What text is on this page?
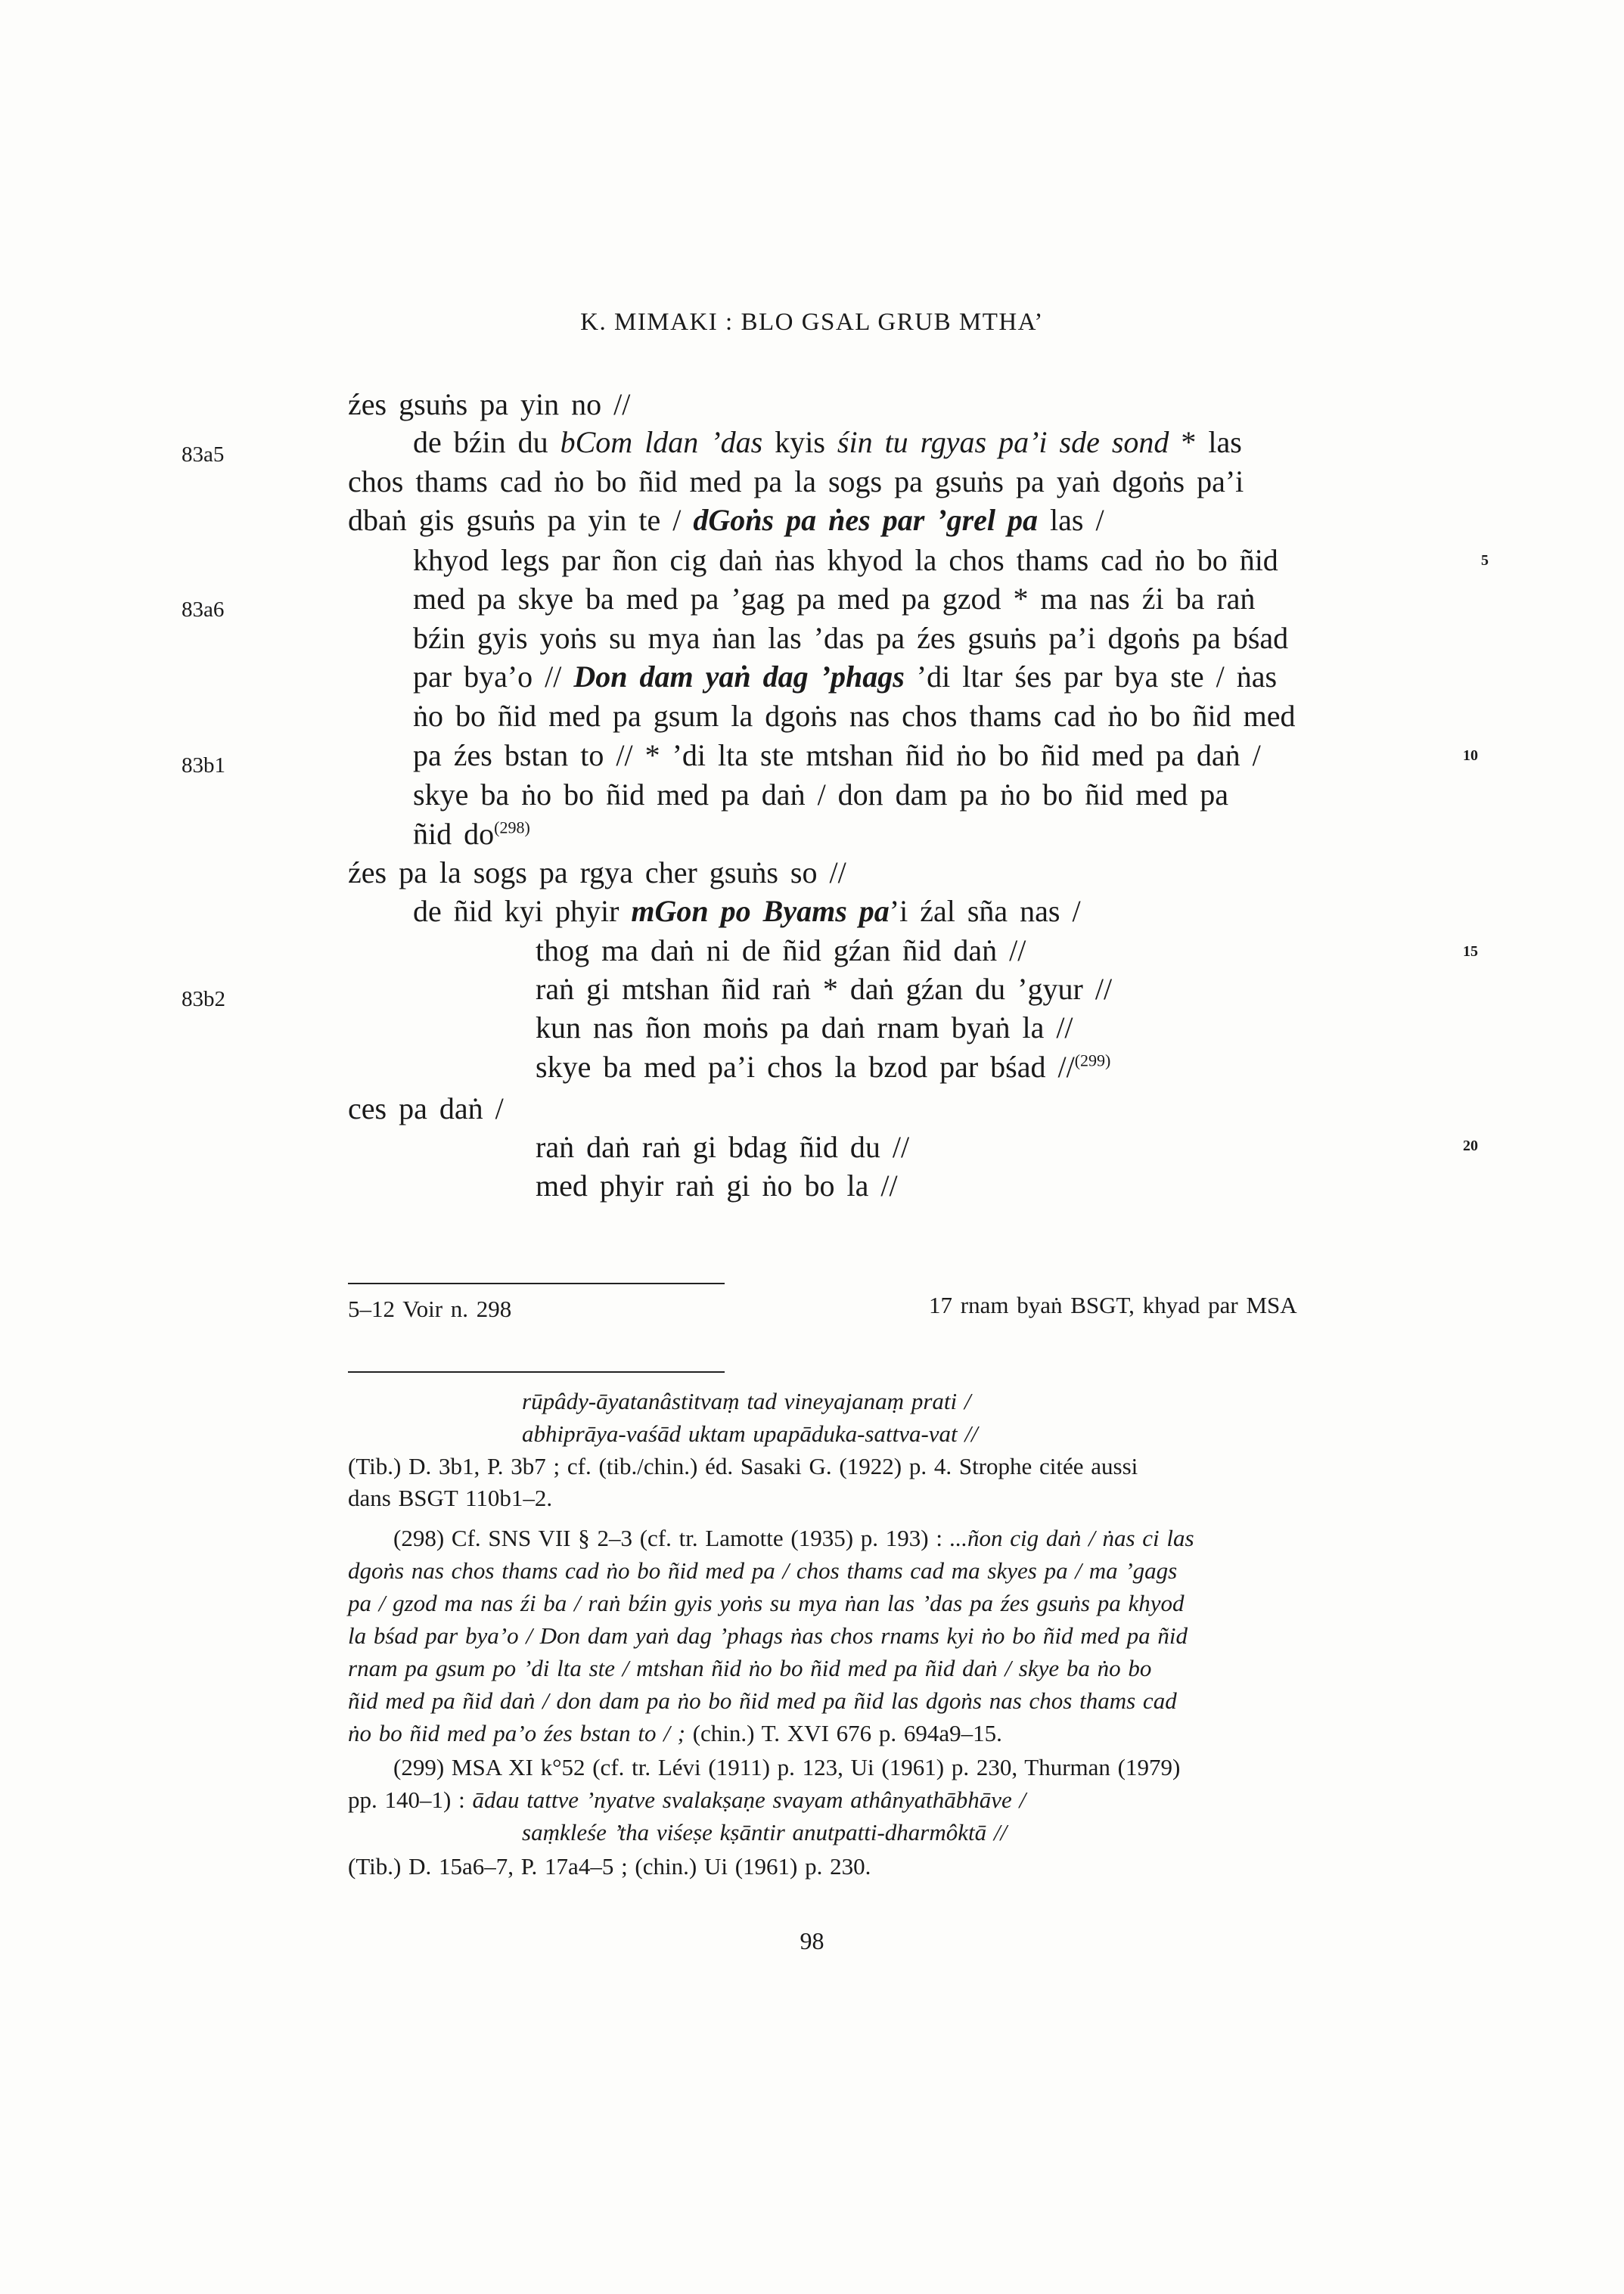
K. MIMAKI : BLO GSAL GRUB MTHA’
83a5
83a6
83b1
83b2
5
10
15
20
źes gsuṅs pa yin no //
de bźin du bCom ldan ’das kyis śin tu rgyas pa’i sde sond * las
chos thams cad ṅo bo ñid med pa la sogs pa gsuṅs pa yaṅ dgoṅs pa’i
dbaṅ gis gsuṅs pa yin te / dGoṅs pa ṅes par ’grel pa las /
khyod legs par ñon cig daṅ ṅas khyod la chos thams cad ṅo bo ñid
med pa skye ba med pa ’gag pa med pa gzod * ma nas źi ba raṅ
bźin gyis yoṅs su mya ṅan las ’das pa źes gsuṅs pa’i dgoṅs pa bśad
par bya’o // Don dam yaṅ dag ’phags ’di ltar śes par bya ste / ṅas
ṅo bo ñid med pa gsum la dgoṅs nas chos thams cad ṅo bo ñid med
pa źes bstan to // * ’di lta ste mtshan ñid ṅo bo ñid med pa daṅ /
skye ba ṅo bo ñid med pa daṅ / don dam pa ṅo bo ñid med pa
ñid $do^{(298)}$
źes pa la sogs pa rgya cher gsuṅs so //
de ñid kyi phyir mGon po Byams pa’i źal sña nas /
thog ma daṅ ni de ñid gźan ñid daṅ //
raṅ gi mtshan ñid raṅ * daṅ gźan du ’gyur //
kun nas ñon moṅs pa daṅ rnam byaṅ la //
skye ba med pa’i chos la bzod par bśad //$^{(299)}$
ces pa daṅ /
raṅ daṅ raṅ gi bdag ñid du //
med phyir raṅ gi ṅo bo la //
5–12 Voir n. 298	17 rnam byaṅ BSGT, khyad par MSA
rūpâdy-āyatanâstitvaṃ tad vineyajanaṃ prati /
abhiprāya-vaśād uktam upapāduka-sattva-vat //
(Tib.) D. 3b1, P. 3b7 ; cf. (tib./chin.) éd. Sasaki G. (1922) p. 4. Strophe citée aussi
dans BSGT 110b1–2.
(298) Cf. SNS VII § 2–3 (cf. tr. Lamotte (1935) p. 193) : ...ñon cig daṅ / ṅas ci las
dgoṅs nas chos thams cad ṅo bo ñid med pa / chos thams cad ma skyes pa / ma ’gags
pa / gzod ma nas źi ba / raṅ bźin gyis yoṅs su mya ṅan las ’das pa źes gsuṅs pa khyod
la bśad par bya’o / Don dam yaṅ dag ’phags ṅas chos rnams kyi ṅo bo ñid med pa ñid
rnam pa gsum po ’di lta ste / mtshan ñid ṅo bo ñid med pa ñid daṅ / skye ba ṅo bo
ñid med pa ñid daṅ / don dam pa ṅo bo ñid med pa ñid las dgoṅs nas chos thams cad
ṅo bo ñid med pa’o źes bstan to / ; (chin.) T. XVI 676 p. 694a9–15.
(299) MSA XI k°52 (cf. tr. Lévi (1911) p. 123, Ui (1961) p. 230, Thurman (1979)
pp. 140–1) : ādau tattve ’nyatve svalakṣaṇe svayam athânyathābhāve /
saṃkleśe ’tha viśeṣe kṣāntir anutpatti-dharmôktā //
(Tib.) D. 15a6–7, P. 17a4–5 ; (chin.) Ui (1961) p. 230.
98
